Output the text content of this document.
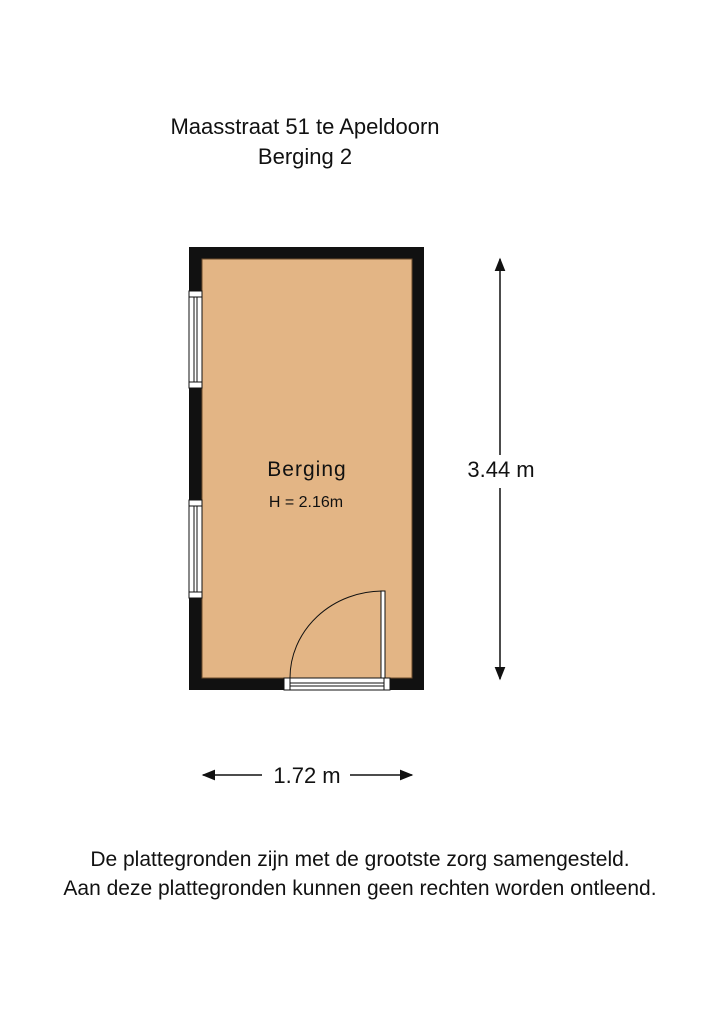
Maasstraat 51 te Apeldoorn
Berging 2
Berging
H = 2.16m
3.44 m
1.72 m
De plattegronden zijn met de grootste zorg samengesteld.
Aan deze plattegronden kunnen geen rechten worden ontleend.
